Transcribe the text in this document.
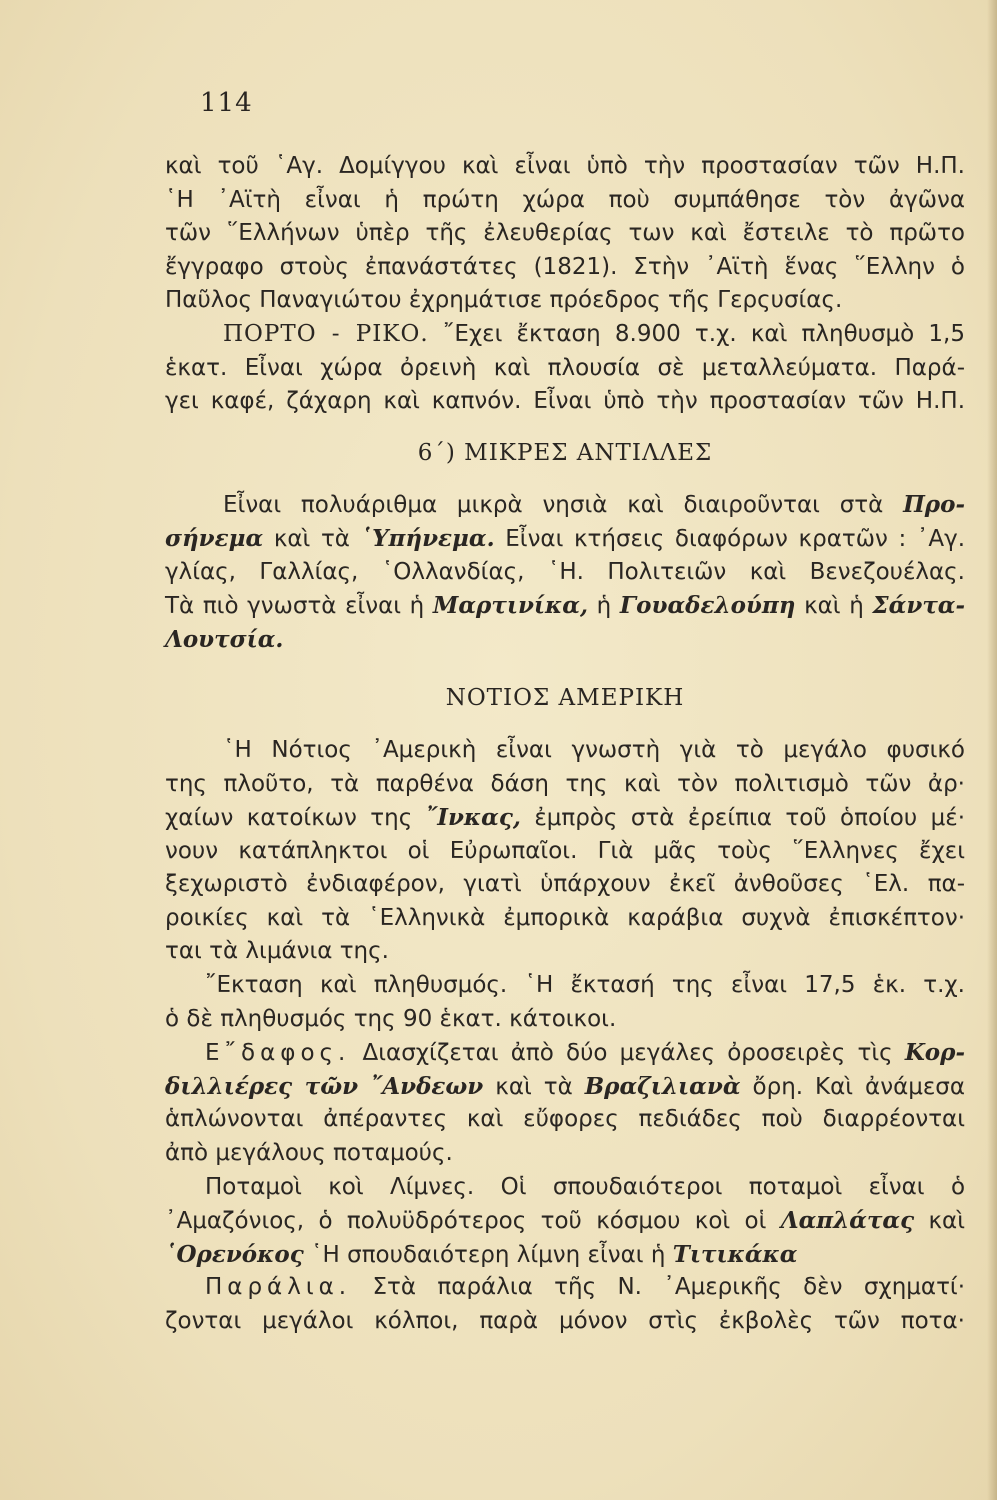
114
καὶ τοῦ ῾Αγ. Δομίγγου καὶ εἶναι ὑπὸ τὴν προστασίαν τῶν Η.Π.
῾Η ᾿Αϊτὴ εἶναι ἡ πρώτη χώρα ποὺ συμπάθησε τὸν ἀγῶνα
τῶν ῞Ελλήνων ὑπὲρ τῆς ἐλευθερίας των καὶ ἔστειλε τὸ πρῶτο
ἔγγραφο στοὺς ἐπανάστάτες (1821). Στὴν ᾿Αϊτὴ ἕνας ῞Ελλην ὁ
Παῦλος Παναγιώτου ἐχρημάτισε πρόεδρος τῆς Γερςυσίας.
ΠΟΡΤΟ - ΡΙΚΟ. ῎Εχει ἔκταση 8.900 τ.χ. καὶ πληθυσμὸ 1,5
ἑκατ. Εἶναι χώρα ὀρεινὴ καὶ πλουσία σὲ μεταλλεύματα. Παρά-
γει καφέ, ζάχαρη καὶ καπνόν. Εἶναι ὑπὸ τὴν προστασίαν τῶν Η.Π.
6΄) ΜΙΚΡΕΣ ΑΝΤΙΛΛΕΣ
Εἶναι πολυάριθμα μικρὰ νησιὰ καὶ διαιροῦνται στὰ Προ-
σήνεμα καὶ τὰ ῾Υπήνεμα. Εἶναι κτήσεις διαφόρων κρατῶν : ᾿Αγ.
γλίας, Γαλλίας, ῾Ολλανδίας, ῾Η. Πολιτειῶν καὶ Βενεζουέλας.
Τὰ πιὸ γνωστὰ εἶναι ἡ Μαρτινίκα, ἡ Γουαδελούπη καὶ ἡ Σάντα-
Λουτσία.
ΝΟΤΙΟΣ ΑΜΕΡΙΚΗ
῾Η Νότιος ᾿Αμερικὴ εἶναι γνωστὴ γιὰ τὸ μεγάλο φυσικό
της πλοῦτο, τὰ παρθένα δάση της καὶ τὸν πολιτισμὸ τῶν ἀρ·
χαίων κατοίκων της ῎Ινκας, ἐμπρὸς στὰ ἐρείπια τοῦ ὁποίου μέ·
νουν κατάπληκτοι οἱ Εὐρωπαῖοι. Γιὰ μᾶς τοὺς ῞Ελληνες ἔχει
ξεχωριστὸ ἐνδιαφέρον, γιατὶ ὑπάρχουν ἐκεῖ ἀνθοῦσες ῾Ελ. πα-
ροικίες καὶ τὰ ῾Ελληνικὰ ἐμπορικὰ καράβια συχνὰ ἐπισκέπτον·
ται τὰ λιμάνια της.
῎Εκταση καὶ πληθυσμός. ῾Η ἔκτασή της εἶναι 17,5 ἑκ. τ.χ.
ὁ δὲ πληθυσμός της 90 ἑκατ. κάτοικοι.
Ε῎δαφος. Διασχίζεται ἀπὸ δύο μεγάλες ὀροσειρὲς τὶς Κορ-
διλλιέρες τῶν ῎Ανδεων καὶ τὰ Βραζιλιανὰ ὄρη. Καὶ ἀνάμεσα
ἁπλώνονται ἀπέραντες καὶ εὔφορες πεδιάδες ποὺ διαρρέονται
ἀπὸ μεγάλους ποταμούς.
Ποταμοὶ κοὶ Λίμνες. Οἱ σπουδαιότεροι ποταμοὶ εἶναι ὁ
᾿Αμαζόνιος, ὁ πολυϋδρότερος τοῦ κόσμου κοὶ οἱ Λαπλάτας καὶ
῾Ορενόκος ῾Η σπουδαιότερη λίμνη εἶναι ἡ Τιτικάκα
Παράλια. Στὰ παράλια τῆς Ν. ᾿Αμερικῆς δὲν σχηματί·
ζονται μεγάλοι κόλποι, παρὰ μόνον στὶς ἐκβολὲς τῶν ποτα·
